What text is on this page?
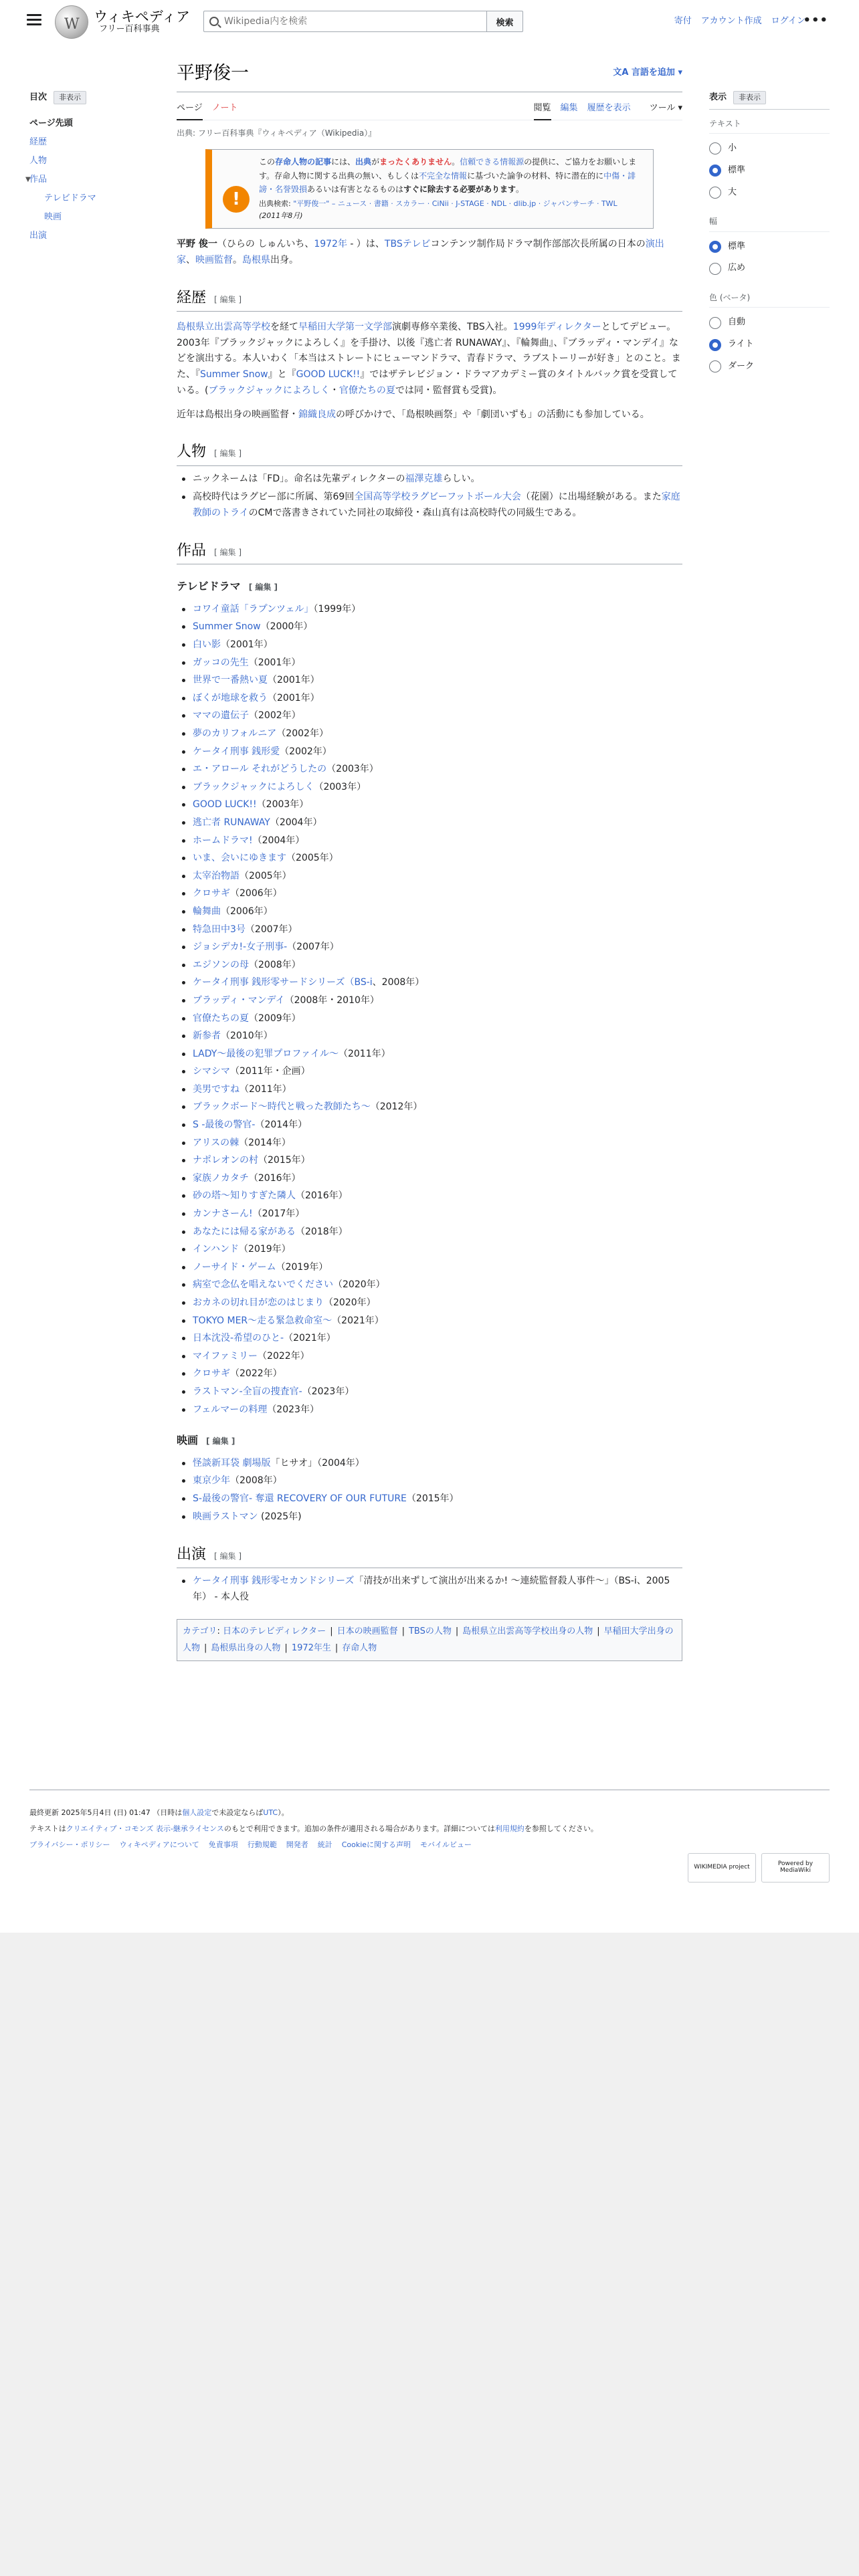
W
ウィキペディア
フリー百科事典
Wikipedia内を検索
検索	寄付 アカウント作成 ログイン
•••
目次	非表示
ページ先頭
経歴
人物
▼
作品
テレビドラマ
映画
出演
平野俊一	文A 言語を追加 ▾
ページ ノート	閲覧 編集 履歴を表示 ツール ▾
出典: フリー百科事典『ウィキペディア（Wikipedia）』
!
この存命人物の記事には、出典がまったくありません。信頼できる情報源の提供に、ご協力をお願いします。存命人物に関する出典の無い、もしくは不完全な情報に基づいた論争の材料、特に潜在的に中傷・誹謗・名誉毀損あるいは有害となるものはすぐに除去する必要があります。
出典検索: "平野俊一" – ニュース · 書籍 · スカラー · CiNii · J-STAGE · NDL · dlib.jp · ジャパンサーチ · TWL
(2011年8月)

平野 俊一（ひらの しゅんいち、1972年 - ）は、TBSテレビコンテンツ制作局ドラマ制作部部次長所属の日本の演出家、映画監督。島根県出身。

経歴 [ 編集 ]

島根県立出雲高等学校を経て早稲田大学第一文学部演劇専修卒業後、TBS入社。1999年ディレクターとしてデビュー。2003年『ブラックジャックによろしく』を手掛け、以後『逃亡者 RUNAWAY』、『輪舞曲』、『ブラッディ・マンデイ』などを演出する。本人いわく「本当はストレートにヒューマンドラマ、青春ドラマ、ラブストーリーが好き」とのこと。また、『Summer Snow』と『GOOD LUCK!!』ではザテレビジョン・ドラマアカデミー賞のタイトルバック賞を受賞している。(ブラックジャックによろしく・官僚たちの夏では同・監督賞も受賞)。

近年は島根出身の映画監督・錦織良成の呼びかけで、「島根映画祭」や「劇団いずも」の活動にも参加している。

人物 [ 編集 ]
ニックネームは「FD」。命名は先輩ディレクターの福澤克雄らしい。
高校時代はラグビー部に所属、第69回全国高等学校ラグビーフットボール大会（花園）に出場経験がある。また家庭教師のトライのCMで落書きされていた同社の取締役・森山真有は高校時代の同級生である。
作品 [ 編集 ]
テレビドラマ [ 編集 ]
コワイ童話「ラプンツェル」（1999年）
Summer Snow（2000年）
白い影（2001年）
ガッコの先生（2001年）
世界で一番熱い夏（2001年）
ぼくが地球を救う（2001年）
ママの遺伝子（2002年）
夢のカリフォルニア（2002年）
ケータイ刑事 銭形愛（2002年）
エ・アロール それがどうしたの（2003年）
ブラックジャックによろしく（2003年）
GOOD LUCK!!（2003年）
逃亡者 RUNAWAY（2004年）
ホームドラマ!（2004年）
いま、会いにゆきます（2005年）
太宰治物語（2005年）
クロサギ（2006年）
輪舞曲（2006年）
特急田中3号（2007年）
ジョシデカ!-女子刑事-（2007年）
エジソンの母（2008年）
ケータイ刑事 銭形零サードシリーズ（BS-i、2008年）
ブラッディ・マンデイ（2008年・2010年）
官僚たちの夏（2009年）
新参者（2010年）
LADY〜最後の犯罪プロファイル〜（2011年）
シマシマ（2011年・企画）
美男ですね（2011年）
ブラックボード〜時代と戦った教師たち〜（2012年）
S -最後の警官-（2014年）
アリスの棘（2014年）
ナポレオンの村（2015年）
家族ノカタチ（2016年）
砂の塔〜知りすぎた隣人（2016年）
カンナさーん!（2017年）
あなたには帰る家がある（2018年）
インハンド（2019年）
ノーサイド・ゲーム（2019年）
病室で念仏を唱えないでください（2020年）
おカネの切れ目が恋のはじまり（2020年）
TOKYO MER〜走る緊急救命室〜（2021年）
日本沈没-希望のひと-（2021年）
マイファミリー（2022年）
クロサギ（2022年）
ラストマン-全盲の捜査官-（2023年）
フェルマーの料理（2023年）
映画 [ 編集 ]
怪談新耳袋 劇場版「ヒサオ」（2004年）
東京少年（2008年）
S-最後の警官- 奪還 RECOVERY OF OUR FUTURE（2015年）
映画ラストマン (2025年)
出演 [ 編集 ]
ケータイ刑事 銭形零セカンドシリーズ「清技が出来ずして演出が出来るか! 〜連続監督殺人事件〜」（BS-i、2005年） - 本人役
カテゴリ: 日本のテレビディレクター | 日本の映画監督 | TBSの人物 | 島根県立出雲高等学校出身の人物 | 早稲田大学出身の人物 | 島根県出身の人物 | 1972年生 | 存命人物
表示	非表示
テキスト
小
標準
大
幅
標準
広め
色 (ベータ)
自動
ライト
ダーク
最終更新 2025年5月4日 (日) 01:47 （日時は個人設定で未設定ならばUTC）。
テキストはクリエイティブ・コモンズ 表示-継承ライセンスのもとで利用できます。追加の条件が適用される場合があります。詳細については利用規約を参照してください。
プライバシー・ポリシー ウィキペディアについて 免責事項 行動規範 開発者 統計 Cookieに関する声明 モバイルビュー
WIKIMEDIA project	Powered by MediaWiki
